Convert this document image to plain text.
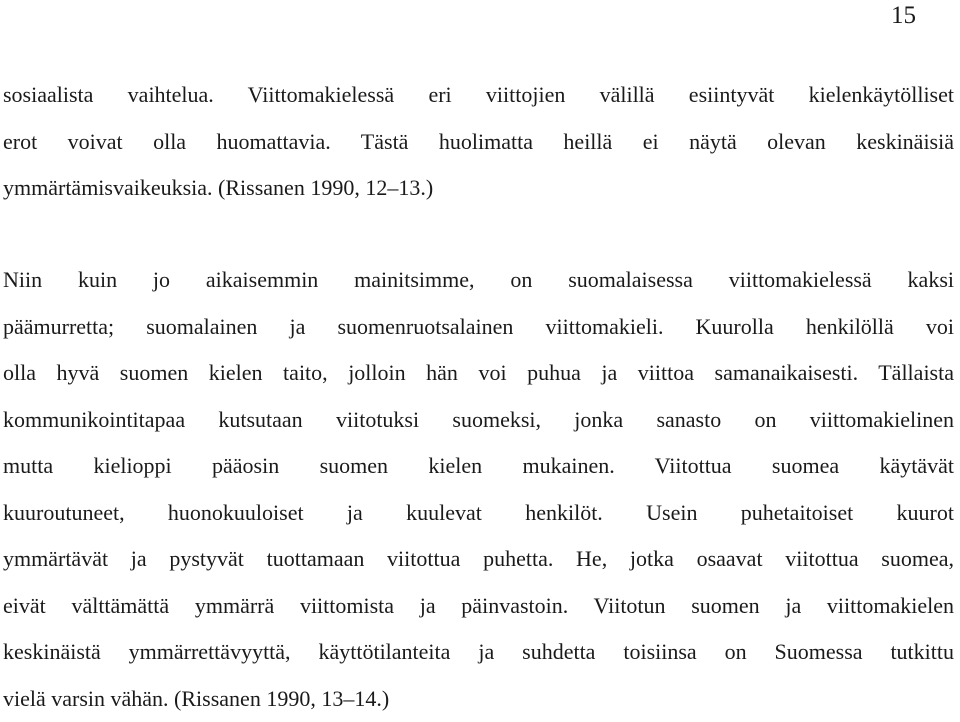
15
sosiaalista vaihtelua. Viittomakielessä eri viittojien välillä esiintyvät kielenkäytölliset
erot voivat olla huomattavia. Tästä huolimatta heillä ei näytä olevan keskinäisiä
ymmärtämisvaikeuksia. (Rissanen 1990, 12–13.)
Niin kuin jo aikaisemmin mainitsimme, on suomalaisessa viittomakielessä kaksi
päämurretta; suomalainen ja suomenruotsalainen viittomakieli. Kuurolla henkilöllä voi
olla hyvä suomen kielen taito, jolloin hän voi puhua ja viittoa samanaikaisesti. Tällaista
kommunikointitapaa kutsutaan viitotuksi suomeksi, jonka sanasto on viittomakielinen
mutta kielioppi pääosin suomen kielen mukainen. Viitottua suomea käytävät
kuuroutuneet, huonokuuloiset ja kuulevat henkilöt. Usein puhetaitoiset kuurot
ymmärtävät ja pystyvät tuottamaan viitottua puhetta. He, jotka osaavat viitottua suomea,
eivät välttämättä ymmärrä viittomista ja päinvastoin. Viitotun suomen ja viittomakielen
keskinäistä ymmärrettävyyttä, käyttötilanteita ja suhdetta toisiinsa on Suomessa tutkittu
vielä varsin vähän. (Rissanen 1990, 13–14.)
